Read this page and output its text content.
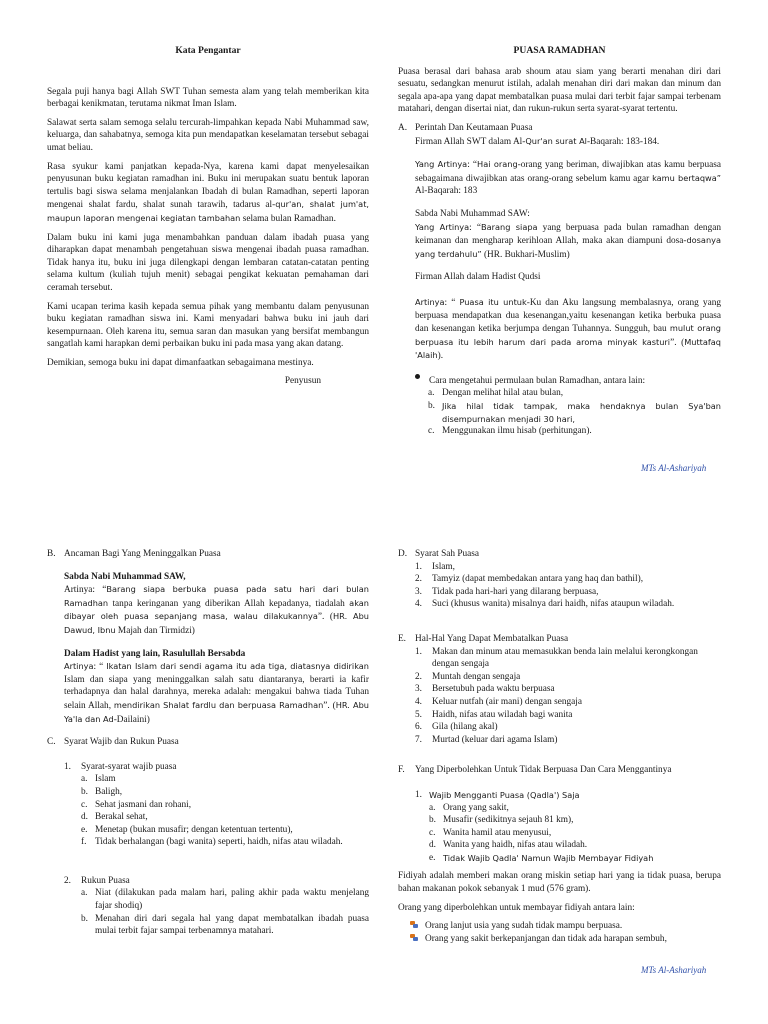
Kata Pengantar
Segala puji hanya bagi Allah SWT Tuhan semesta alam yang telah memberikan kita berbagai kenikmatan, terutama nikmat Iman Islam.
Salawat serta salam semoga selalu tercurah-limpahkan kepada Nabi Muhammad saw, keluarga, dan sahabatnya, semoga kita pun mendapatkan keselamatan tersebut sebagai umat beliau.
Rasa syukur kami panjatkan kepada-Nya, karena kami dapat menyelesaikan penyusunan buku kegiatan ramadhan ini. Buku ini merupakan suatu bentuk laporan tertulis bagi siswa selama menjalankan Ibadah di bulan Ramadhan, seperti laporan mengenai shalat fardu, shalat sunah tarawih, tadarus al-qur'an, shalat jum'at, maupun laporan mengenai kegiatan tambahan selama bulan Ramadhan.
Dalam buku ini kami juga menambahkan panduan dalam ibadah puasa yang diharapkan dapat menambah pengetahuan siswa mengenai ibadah puasa ramadhan. Tidak hanya itu, buku ini juga dilengkapi dengan lembaran catatan-catatan penting selama kultum (kuliah tujuh menit) sebagai pengikat kekuatan pemahaman dari ceramah tersebut.
Kami ucapan terima kasih kepada semua pihak yang membantu dalam penyusunan buku kegiatan ramadhan siswa ini. Kami menyadari bahwa buku ini jauh dari kesempurnaan. Oleh karena itu, semua saran dan masukan yang bersifat membangun sangatlah kami harapkan demi perbaikan buku ini pada masa yang akan datang.
Demikian, semoga buku ini dapat dimanfaatkan sebagaimana mestinya.
Penyusun
PUASA RAMADHAN
Puasa berasal dari bahasa arab shoum atau siam yang berarti menahan diri dari sesuatu, sedangkan menurut istilah, adalah menahan diri dari makan dan minum dan segala apa-apa yang dapat membatalkan puasa mulai dari terbit fajar sampai terbenam matahari, dengan disertai niat, dan rukun-rukun serta syarat-syarat tertentu.
A. Perintah Dan Keutamaan Puasa
Firman Allah SWT dalam Al-Qur'an surat Al-Baqarah: 183-184.
Yang Artinya: “Hai orang-orang yang beriman, diwajibkan atas kamu berpuasa sebagaimana diwajibkan atas orang-orang sebelum kamu agar kamu bertaqwa” Al-Baqarah: 183
Sabda Nabi Muhammad SAW:
Yang Artinya: “Barang siapa yang berpuasa pada bulan ramadhan dengan keimanan dan mengharap kerihloan Allah, maka akan diampuni dosa-dosanya yang terdahulu” (HR. Bukhari-Muslim)
Firman Allah dalam Hadist Qudsi
Artinya: “ Puasa itu untuk-Ku dan Aku langsung membalasnya, orang yang berpuasa mendapatkan dua kesenangan,yaitu kesenangan ketika berbuka puasa dan kesenangan ketika berjumpa dengan Tuhannya. Sungguh, bau mulut orang berpuasa itu lebih harum dari pada aroma minyak kasturi”. (Muttafaq 'Alaih).
Cara mengetahui permulaan bulan Ramadhan, antara lain:
a. Dengan melihat hilal atau bulan,
b. Jika hilal tidak tampak, maka hendaknya bulan Sya'ban disempurnakan menjadi 30 hari,
c. Menggunakan ilmu hisab (perhitungan).
MTs Al-Ashariyah
B. Ancaman Bagi Yang Meninggalkan Puasa
Sabda Nabi Muhammad SAW,
Artinya: “Barang siapa berbuka puasa pada satu hari dari bulan Ramadhan tanpa keringanan yang diberikan Allah kepadanya, tiadalah akan dibayar oleh puasa sepanjang masa, walau dilakukannya”. (HR. Abu Dawud, Ibnu Majah dan Tirmidzi)
Dalam Hadist yang lain, Rasulullah Bersabda
Artinya: “ Ikatan Islam dari sendi agama itu ada tiga, diatasnya didirikan Islam dan siapa yang meninggalkan salah satu diantaranya, berarti ia kafir terhadapnya dan halal darahnya, mereka adalah: mengakui bahwa tiada Tuhan selain Allah, mendirikan Shalat fardlu dan berpuasa Ramadhan”. (HR. Abu Ya'la dan Ad-Dailaini)
C. Syarat Wajib dan Rukun Puasa
1.	Syarat-syarat wajib puasa
a. Islam
b. Baligh,
c. Sehat jasmani dan rohani,
d. Berakal sehat,
e. Menetap (bukan musafir; dengan ketentuan tertentu),
f. Tidak berhalangan (bagi wanita) seperti, haidh, nifas atau wiladah.
2.	Rukun Puasa
a. Niat (dilakukan pada malam hari, paling akhir pada waktu menjelang fajar shodiq)
b. Menahan diri dari segala hal yang dapat membatalkan ibadah puasa mulai terbit fajar sampai terbenamnya matahari.
D. Syarat Sah Puasa
1.	Islam,
2.	Tamyiz (dapat membedakan antara yang haq dan bathil),
3.	Tidak pada hari-hari yang dilarang berpuasa,
4.	Suci (khusus wanita) misalnya dari haidh, nifas ataupun wiladah.
E. Hal-Hal Yang Dapat Membatalkan Puasa
1.	Makan dan minum atau memasukkan benda lain melalui kerongkongan dengan sengaja
2.	Muntah dengan sengaja
3.	Bersetubuh pada waktu berpuasa
4.	Keluar nutfah (air mani) dengan sengaja
5.	Haidh, nifas atau wiladah bagi wanita
6.	Gila (hilang akal)
7.	Murtad (keluar dari agama Islam)
F.	Yang Diperbolehkan Untuk Tidak Berpuasa Dan Cara Menggantinya
1. Wajib Mengganti Puasa (Qadla') Saja
a. Orang yang sakit,
b. Musafir (sedikitnya sejauh 81 km),
c. Wanita hamil atau menyusui,
d. Wanita yang haidh, nifas atau wiladah.
e. Tidak Wajib Qadla' Namun Wajib Membayar Fidiyah
Fidiyah adalah memberi makan orang miskin setiap hari yang ia tidak puasa, berupa bahan makanan pokok sebanyak 1 mud (576 gram).
Orang yang diperbolehkan untuk membayar fidiyah antara lain:
Orang lanjut usia yang sudah tidak mampu berpuasa.
Orang yang sakit berkepanjangan dan tidak ada harapan sembuh,
MTs Al-Ashariyah
